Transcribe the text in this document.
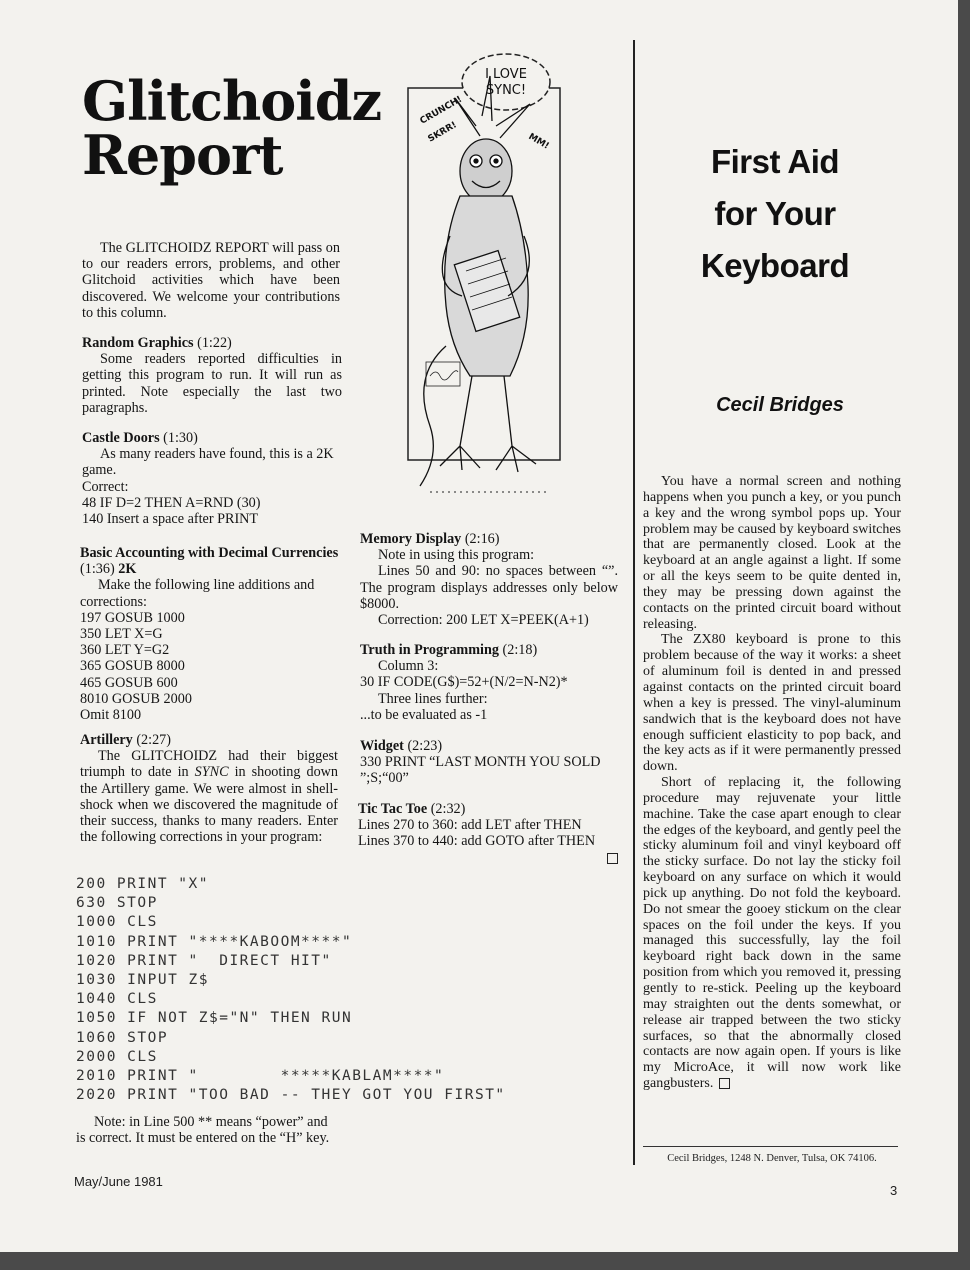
Glitchoidz
Report

The GLITCHOIDZ REPORT will pass on to our readers errors, problems, and other Glitchoid activities which have been discovered. We welcome your contributions to this column.

Random Graphics (1:22)
Some readers reported difficulties in getting this program to run. It will run as printed. Note especially the last two paragraphs.
Castle Doors (1:30)
As many readers have found, this is a 2K game.
Correct:
48 IF D=2 THEN A=RND (30)
140 Insert a space after PRINT
Basic Accounting with Decimal Currencies
(1:36) 2K
Make the following line additions and corrections:
197 GOSUB 1000
350 LET X=G
360 LET Y=G2
365 GOSUB 8000
465 GOSUB 600
8010 GOSUB 2000
Omit 8100
Artillery (2:27)
The GLITCHOIDZ had their biggest triumph to date in SYNC in shooting down the Artillery game. We were almost in shell-shock when we discovered the magnitude of their success, thanks to many readers. Enter the following corrections in your program:
200 PRINT "X"
630 STOP
1000 CLS
1010 PRINT "****KABOOM****"
1020 PRINT "  DIRECT HIT"
1030 INPUT Z$
1040 CLS
1050 IF NOT Z$="N" THEN RUN
1060 STOP
2000 CLS
2010 PRINT "        *****KABLAM****"
2020 PRINT "TOO BAD -- THEY GOT YOU FIRST"

Note: in Line 500 ** means “power” and is correct. It must be entered on the “H” key.

I LOVE
SYNC!
CRUNCH!
SKRR!	MM!
Memory Display (2:16)
Note in using this program:
Lines 50 and 90: no spaces between “”. The program displays addresses only below $8000.
Correction: 200 LET X=PEEK(A+1)
Truth in Programming (2:18)
Column 3:
30 IF CODE(G$)=52+(N/2=N-N2)*
Three lines further:
...to be evaluated as -1
Widget (2:23)
330 PRINT “LAST MONTH YOU SOLD
”;S;“00”
Tic Tac Toe (2:32)
Lines 270 to 360: add LET after THEN
Lines 370 to 440: add GOTO after THEN
First Aid
for Your
Keyboard
Cecil Bridges

You have a normal screen and nothing happens when you punch a key, or you punch a key and the wrong symbol pops up. Your problem may be caused by keyboard switches that are permanently closed. Look at the keyboard at an angle against a light. If some or all the keys seem to be quite dented in, they may be pressing down against the contacts on the printed circuit board without releasing.

The ZX80 keyboard is prone to this problem because of the way it works: a sheet of aluminum foil is dented in and pressed against contacts on the printed circuit board when a key is pressed. The vinyl-aluminum sandwich that is the keyboard does not have enough sufficient elasticity to pop back, and the key acts as if it were permanently pressed down.

Short of replacing it, the following procedure may rejuvenate your little machine. Take the case apart enough to clear the edges of the keyboard, and gently peel the sticky aluminum foil and vinyl keyboard off the sticky surface. Do not lay the sticky foil keyboard on any surface on which it would pick up anything. Do not fold the keyboard. Do not smear the gooey stickum on the clear spaces on the foil under the keys. If you managed this successfully, lay the foil keyboard right back down in the same position from which you removed it, pressing gently to re-stick. Peeling up the keyboard may straighten out the dents somewhat, or release air trapped between the two sticky surfaces, so that the abnormally closed contacts are now again open. If yours is like my MicroAce, it will now work like gangbusters.

Cecil Bridges, 1248 N. Denver, Tulsa, OK 74106.
May/June 1981
3
